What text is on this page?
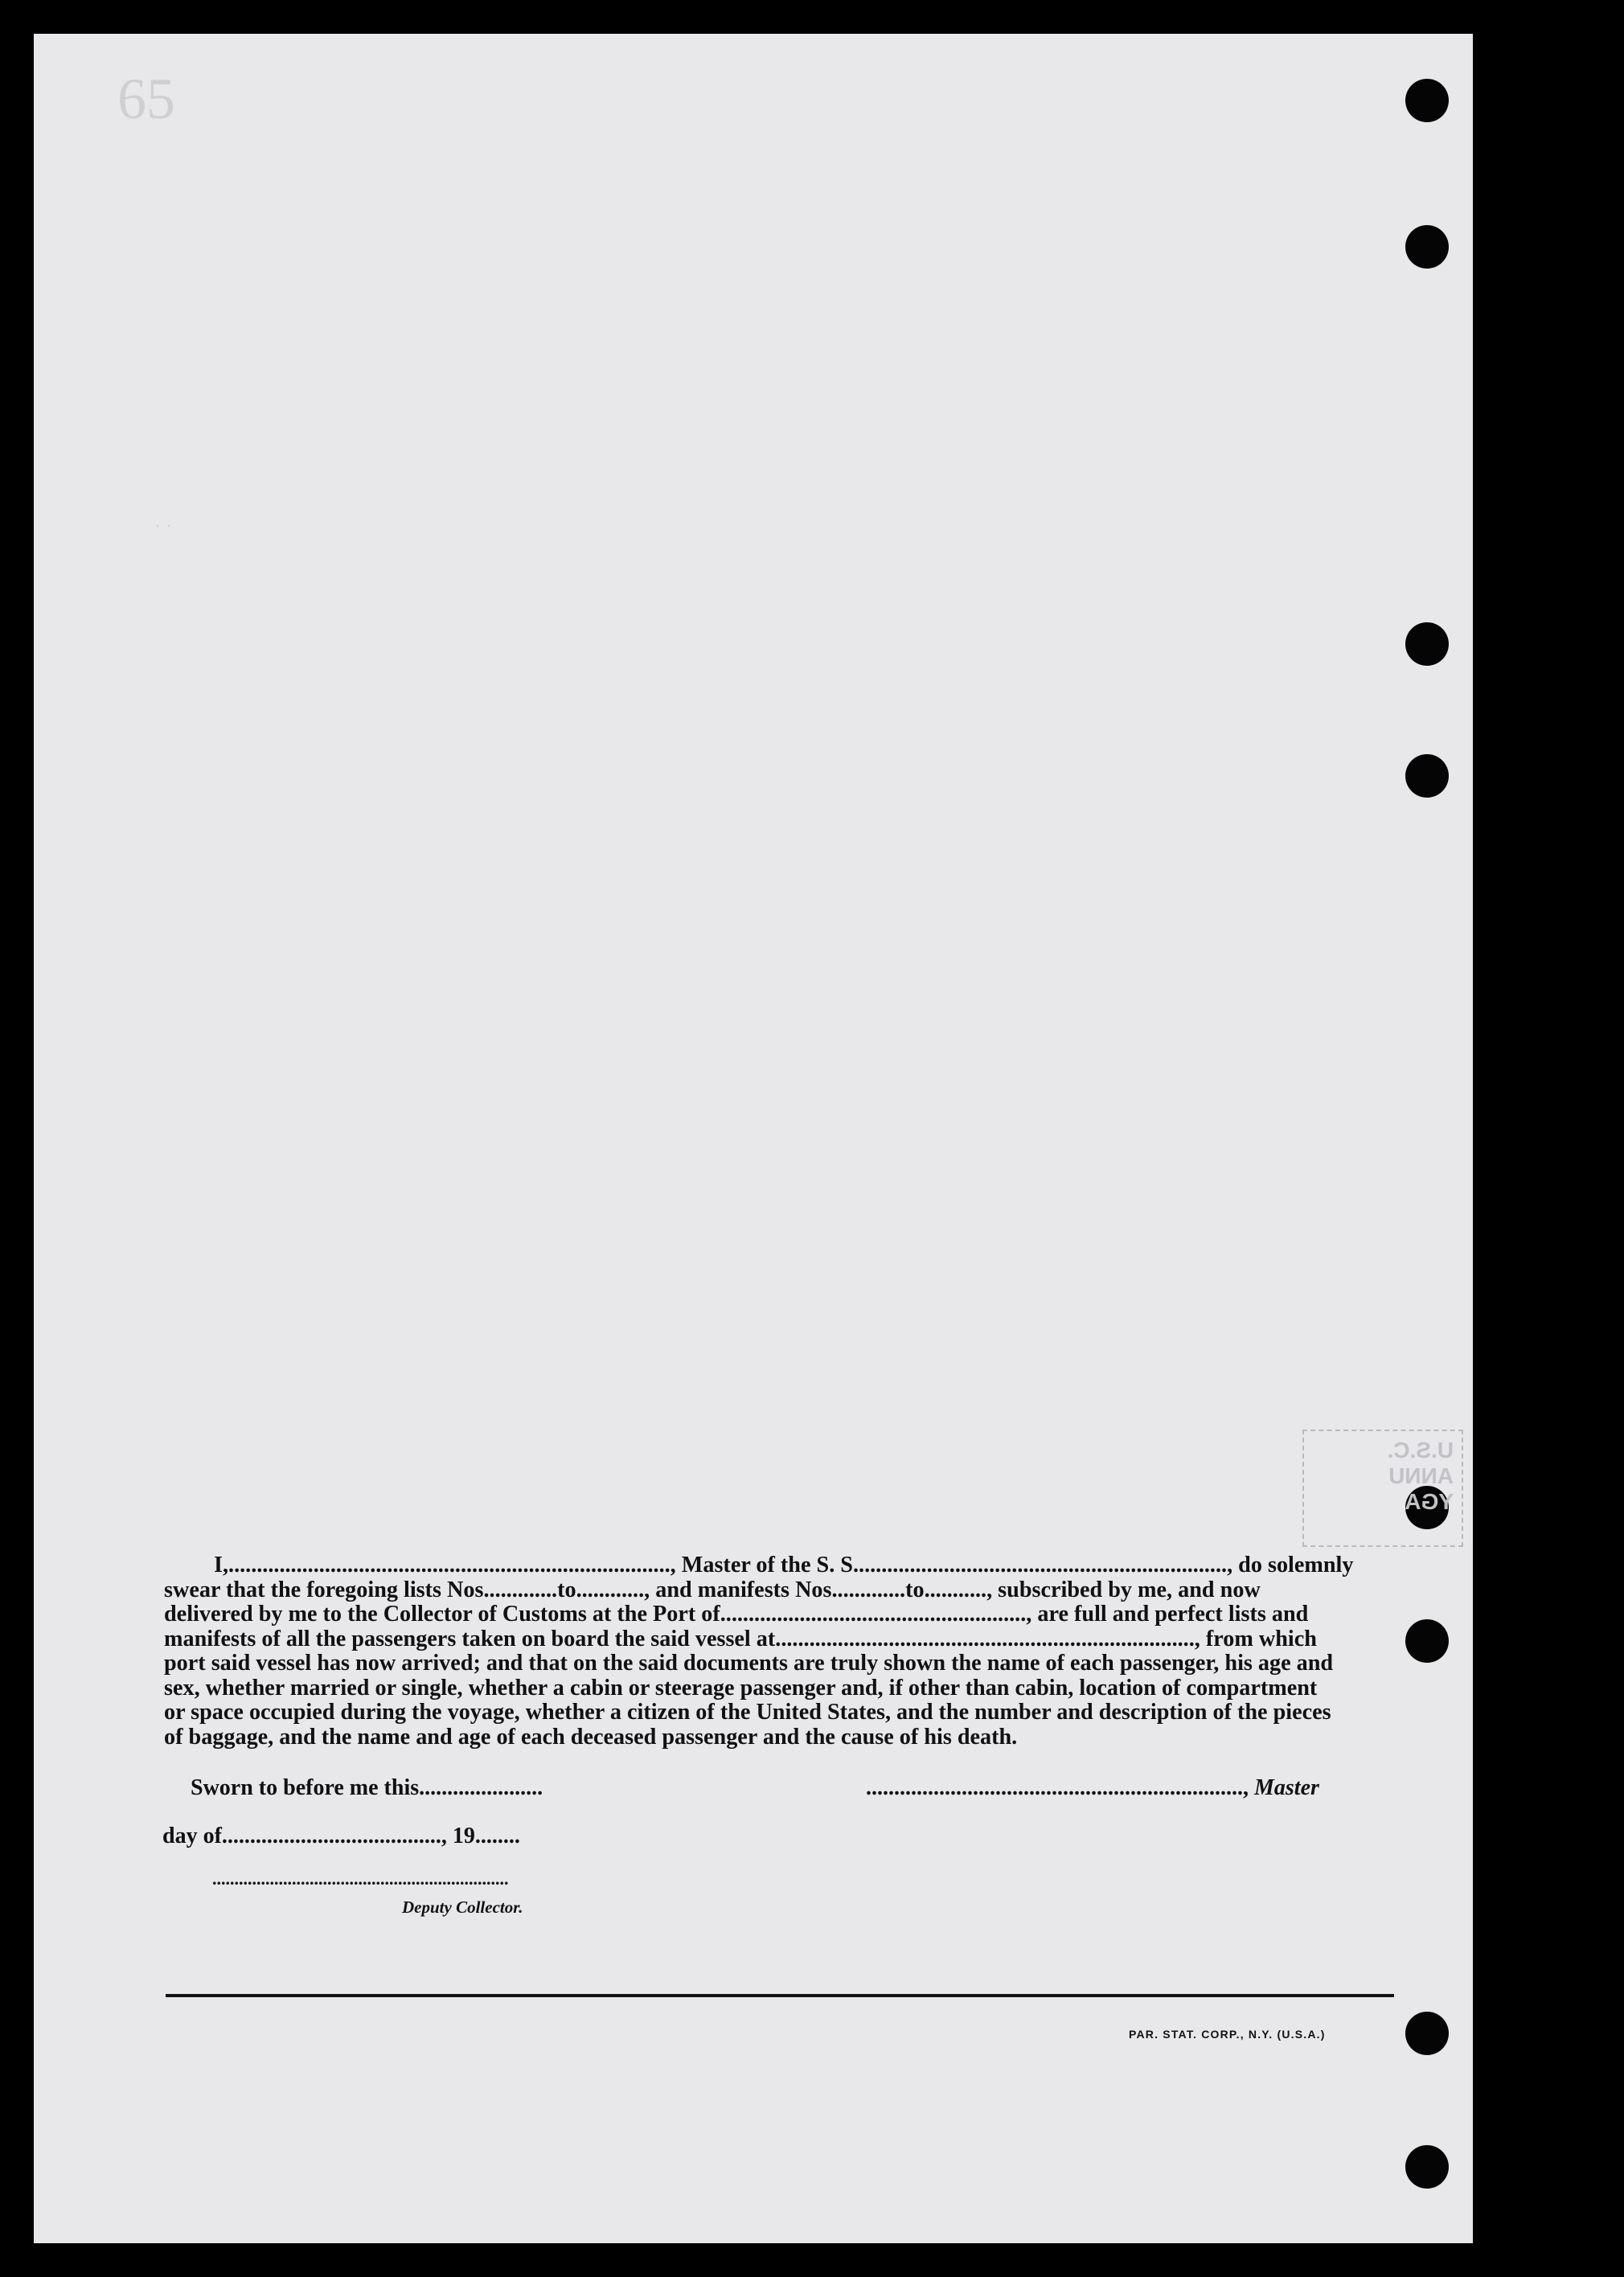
65
· ·
U.S.C.
ANNU
YGA
I,.............................................................................., Master of the S. S.................................................................., do solemnly
swear that the foregoing lists Nos.............to............, and manifests Nos.............to..........., subscribed by me, and now
delivered by me to the Collector of Customs at the Port of......................................................, are full and perfect lists and
manifests of all the passengers taken on board the said vessel at.........................................................................., from which
port said vessel has now arrived; and that on the said documents are truly shown the name of each passenger, his age and
sex, whether married or single, whether a cabin or steerage passenger and, if other than cabin, location of compartment
or space occupied during the voyage, whether a citizen of the United States, and the number and description of the pieces
of baggage, and the name and age of each deceased passenger and the cause of his death.
Sworn to before me this......................	..................................................................., Master
day of......................................., 19........
...................................................................
Deputy Collector.
PAR. STAT. CORP., N.Y. (U.S.A.)
